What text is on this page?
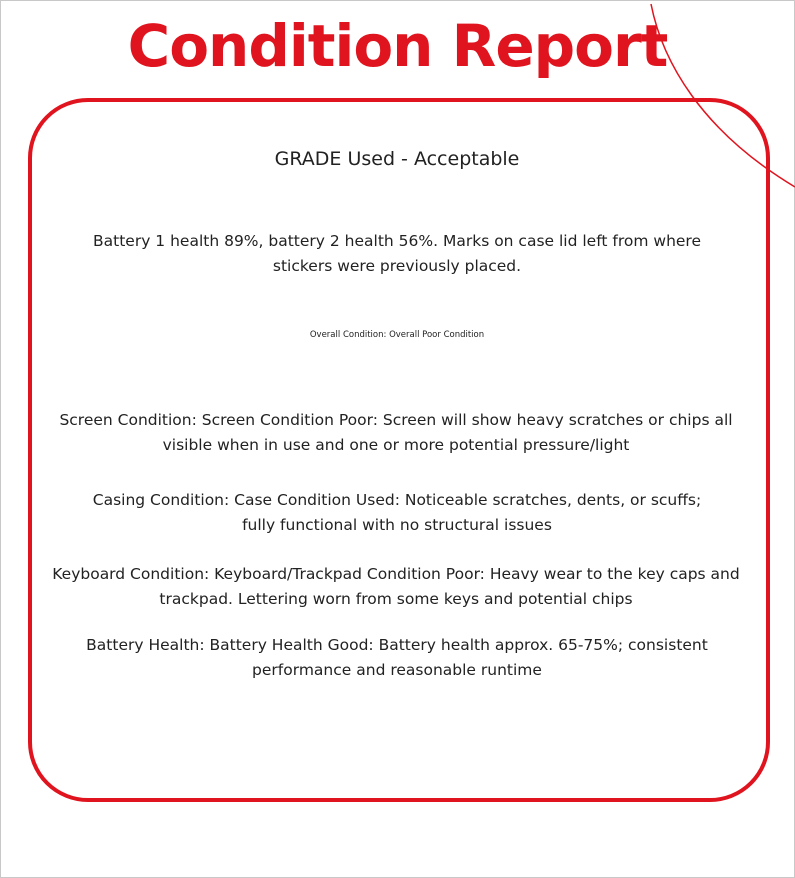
Condition Report
GRADE Used - Acceptable
Battery 1 health 89%, battery 2 health 56%. Marks on case lid left from where stickers were previously placed.
Overall Condition: Overall Poor Condition
Screen Condition: Screen Condition Poor: Screen will show heavy scratches or chips all visible when in use and one or more potential pressure/light
Casing Condition: Case Condition Used: Noticeable scratches, dents, or scuffs; fully functional with no structural issues
Keyboard Condition: Keyboard/Trackpad Condition Poor: Heavy wear to the key caps and trackpad. Lettering worn from some keys and potential chips
Battery Health: Battery Health Good: Battery health approx. 65-75%; consistent performance and reasonable runtime
